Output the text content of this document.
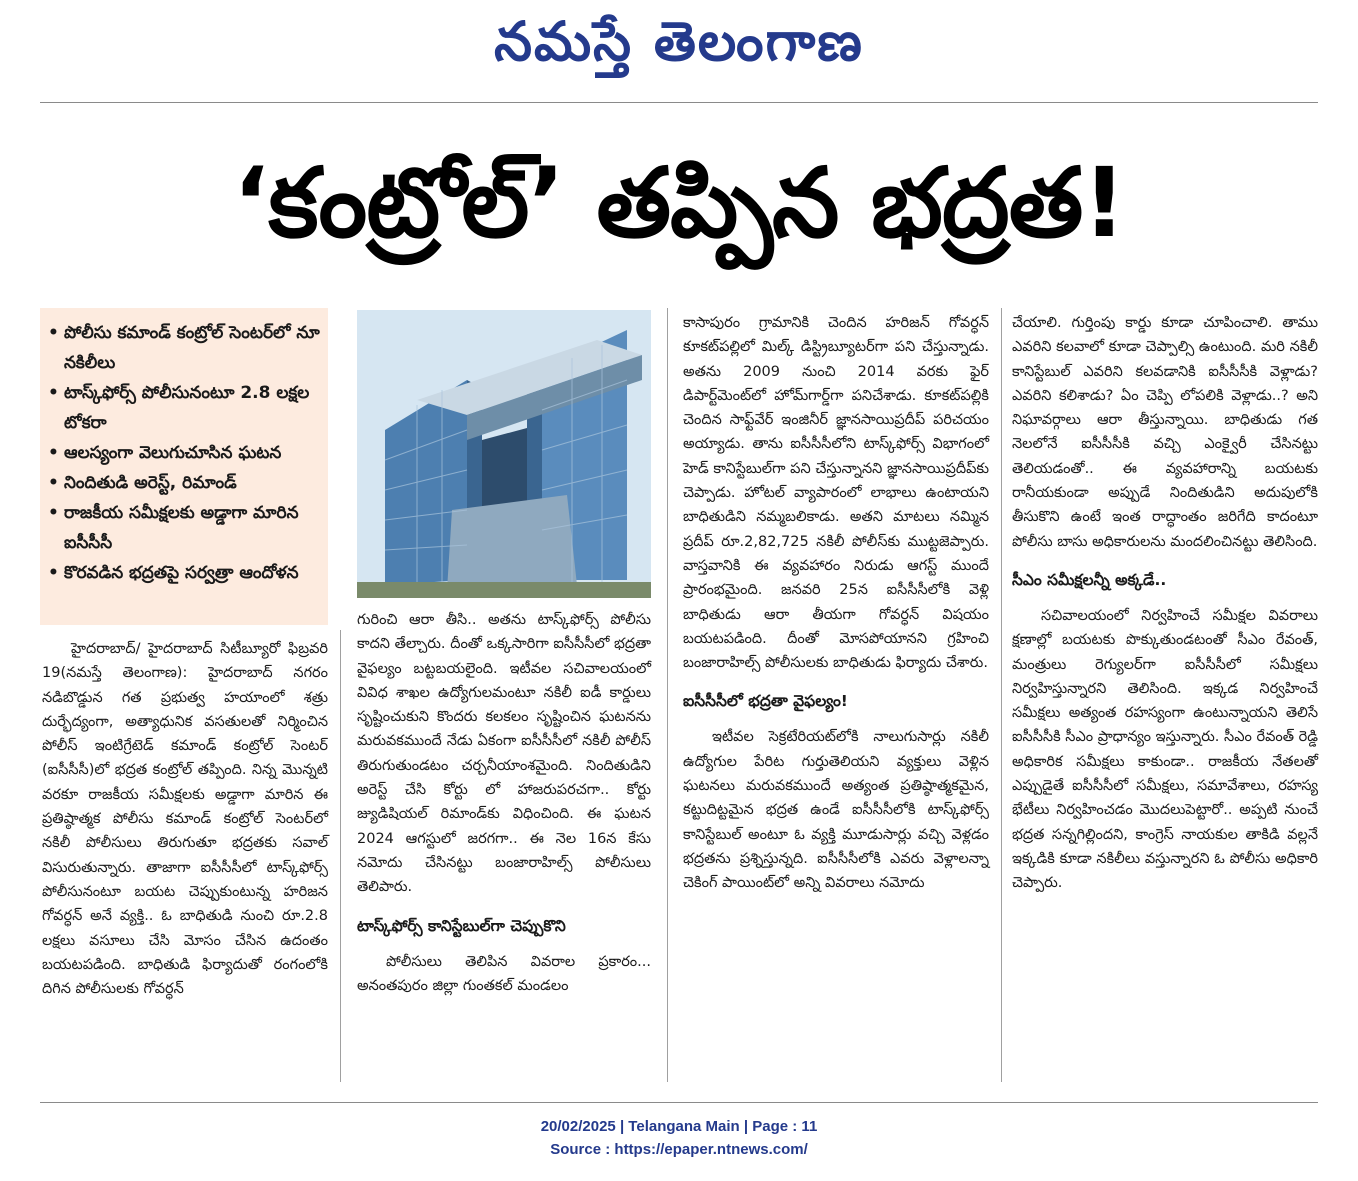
నమస్తే తెలంగాణ
‘కంట్రోల్’ తప్పిన భద్రత!
• పోలీసు కమాండ్ కంట్రోల్ సెంటర్‌లో నూ నకిలీలు
• టాస్క్‌ఫోర్స్ పోలీసునంటూ 2.8 లక్షల టోకరా
• ఆలస్యంగా వెలుగుచూసిన ఘటన
• నిందితుడి అరెస్ట్, రిమాండ్
• రాజకీయ సమీక్షలకు అడ్డాగా మారిన ఐసీసీసీ
• కొరవడిన భద్రతపై సర్వత్రా ఆందోళన

హైదరాబాద్/ హైదరాబాద్ సిటీబ్యూరో ఫిబ్రవరి 19(నమస్తే తెలంగాణ): హైదరాబాద్ నగరం నడిబొడ్డున గత ప్రభుత్వ హయాంలో శత్రు దుర్భేద్యంగా, అత్యాధునిక వసతులతో నిర్మించిన పోలీస్ ఇంటిగ్రేటెడ్ కమాండ్ కంట్రోల్ సెంటర్ (ఐసీసీసీ)లో భద్రత కంట్రోల్ తప్పింది. నిన్న మొన్నటి వరకూ రాజకీయ సమీక్షలకు అడ్డాగా మారిన ఈ ప్రతిష్ఠాత్మక పోలీసు కమాండ్ కంట్రోల్ సెంటర్‌లో నకిలీ పోలీసులు తిరుగుతూ భద్రతకు సవాల్ విసురుతున్నారు. తాజాగా ఐసీసీసీలో టాస్క్‌ఫోర్స్ పోలీసునంటూ బయట చెప్పుకుంటున్న హరిజన గోవర్ధన్ అనే వ్యక్తి.. ఓ బాధితుడి నుంచి రూ.2.8 లక్షలు వసూలు చేసి మోసం చేసిన ఉదంతం బయటపడింది. బాధితుడి ఫిర్యాదుతో రంగంలోకి దిగిన పోలీసులకు గోవర్ధన్

గురించి ఆరా తీసి.. అతను టాస్క్‌ఫోర్స్ పోలీసు కాదని తేల్చారు. దీంతో ఒక్కసారిగా ఐసీసీసీలో భద్రతా వైఫల్యం బట్టబయలైంది. ఇటీవల సచివాలయంలో వివిధ శాఖల ఉద్యోగులమంటూ నకిలీ ఐడీ కార్డులు సృష్టించుకుని కొందరు కలకలం సృష్టించిన ఘటనను మరువకముందే నేడు ఏకంగా ఐసీసీసీలో నకిలీ పోలీస్ తిరుగుతుండటం చర్చనీయాంశమైంది. నిందితుడిని అరెస్ట్ చేసి కోర్టు లో హాజరుపరచగా.. కోర్టు జ్యుడిషియల్ రిమాండ్‌కు విధించింది. ఈ ఘటన 2024 ఆగస్టులో జరగగా.. ఈ నెల 16న కేసు నమోదు చేసినట్టు బంజారాహిల్స్ పోలీసులు తెలిపారు.

టాస్క్‌ఫోర్స్ కానిస్టేబుల్‌గా చెప్పుకొని

పోలీసులు తెలిపిన వివరాల ప్రకారం... అనంతపురం జిల్లా గుంతకల్ మండలం

కాసాపురం గ్రామానికి చెందిన హరిజన్ గోవర్ధన్ కూకట్‌పల్లిలో మిల్క్ డిస్ట్రిబ్యూటర్‌గా పని చేస్తున్నాడు. అతను 2009 నుంచి 2014 వరకు ఫైర్ డిపార్ట్‌మెంట్‌లో హోమ్‌గార్డ్‌గా పనిచేశాడు. కూకట్‌పల్లికి చెందిన సాఫ్ట్‌వేర్ ఇంజినీర్ జ్ఞానసాయిప్రదీప్ పరిచయం అయ్యాడు. తాను ఐసీసీసీలోని టాస్క్‌ఫోర్స్ విభాగంలో హెడ్ కానిస్టేబుల్‌గా పని చేస్తున్నానని జ్ఞానసాయిప్రదీప్‌కు చెప్పాడు. హోటల్ వ్యాపారంలో లాభాలు ఉంటాయని బాధితుడిని నమ్మబలికాడు. అతని మాటలు నమ్మిన ప్రదీప్ రూ.2,82,725 నకిలీ పోలీస్‌కు ముట్టజెప్పారు. వాస్తవానికి ఈ వ్యవహారం నిరుడు ఆగస్ట్ ముందే ప్రారంభమైంది. జనవరి 25న ఐసీసీసీలోకి వెళ్లి బాధితుడు ఆరా తీయగా గోవర్ధన్ విషయం బయటపడింది. దీంతో మోసపోయానని గ్రహించి బంజారాహిల్స్ పోలీసులకు బాధితుడు ఫిర్యాదు చేశారు.

ఐసీసీసీలో భద్రతా వైఫల్యం!

ఇటీవల సెక్రటేరియట్‌లోకి నాలుగుసార్లు నకిలీ ఉద్యోగుల పేరిట గుర్తుతెలియని వ్యక్తులు వెళ్లిన ఘటనలు మరువకముందే అత్యంత ప్రతిష్ఠాత్మకమైన, కట్టుదిట్టమైన భద్రత ఉండే ఐసీసీసీలోకి టాస్క్‌ఫోర్స్ కానిస్టేబుల్ అంటూ ఓ వ్యక్తి మూడుసార్లు వచ్చి వెళ్లడం భద్రతను ప్రశ్నిస్తున్నది. ఐసీసీసీలోకి ఎవరు వెళ్లాలన్నా చెకింగ్ పాయింట్‌లో అన్ని వివరాలు నమోదు

చేయాలి. గుర్తింపు కార్డు కూడా చూపించాలి. తాము ఎవరిని కలవాలో కూడా చెప్పాల్సి ఉంటుంది. మరి నకిలీ కానిస్టేబుల్ ఎవరిని కలవడానికి ఐసీసీసీకి వెళ్లాడు? ఎవరిని కలిశాడు? ఏం చెప్పి లోపలికి వెళ్లాడు..? అని నిఘావర్గాలు ఆరా తీస్తున్నాయి. బాధితుడు గత నెలలోనే ఐసీసీసీకి వచ్చి ఎంక్వైరీ చేసినట్టు తెలియడంతో.. ఈ వ్యవహారాన్ని బయటకు రానీయకుండా అప్పుడే నిందితుడిని అదుపులోకి తీసుకొని ఉంటే ఇంత రాద్ధాంతం జరిగేది కాదంటూ పోలీసు బాసు అధికారులను మందలించినట్టు తెలిసింది.

సీఎం సమీక్షలన్నీ అక్కడే..

సచివాలయంలో నిర్వహించే సమీక్షల వివరాలు క్షణాల్లో బయటకు పొక్కుతుండటంతో సీఎం రేవంత్, మంత్రులు రెగ్యులర్‌గా ఐసీసీసీలో సమీక్షలు నిర్వహిస్తున్నారని తెలిసింది. ఇక్కడ నిర్వహించే సమీక్షలు అత్యంత రహస్యంగా ఉంటున్నాయని తెలిసే ఐసీసీసీకి సీఎం ప్రాధాన్యం ఇస్తున్నారు. సీఎం రేవంత్ రెడ్డి అధికారిక సమీక్షలు కాకుండా.. రాజకీయ నేతలతో ఎప్పుడైతే ఐసీసీసీలో సమీక్షలు, సమావేశాలు, రహస్య భేటీలు నిర్వహించడం మొదలుపెట్టారో.. అప్పటి నుంచే భద్రత సన్నగిల్లిందని, కాంగ్రెస్ నాయకుల తాకిడి వల్లనే ఇక్కడికి కూడా నకిలీలు వస్తున్నారని ఓ పోలీసు అధికారి చెప్పారు.

20/02/2025 | Telangana Main | Page : 11
Source : https://epaper.ntnews.com/
